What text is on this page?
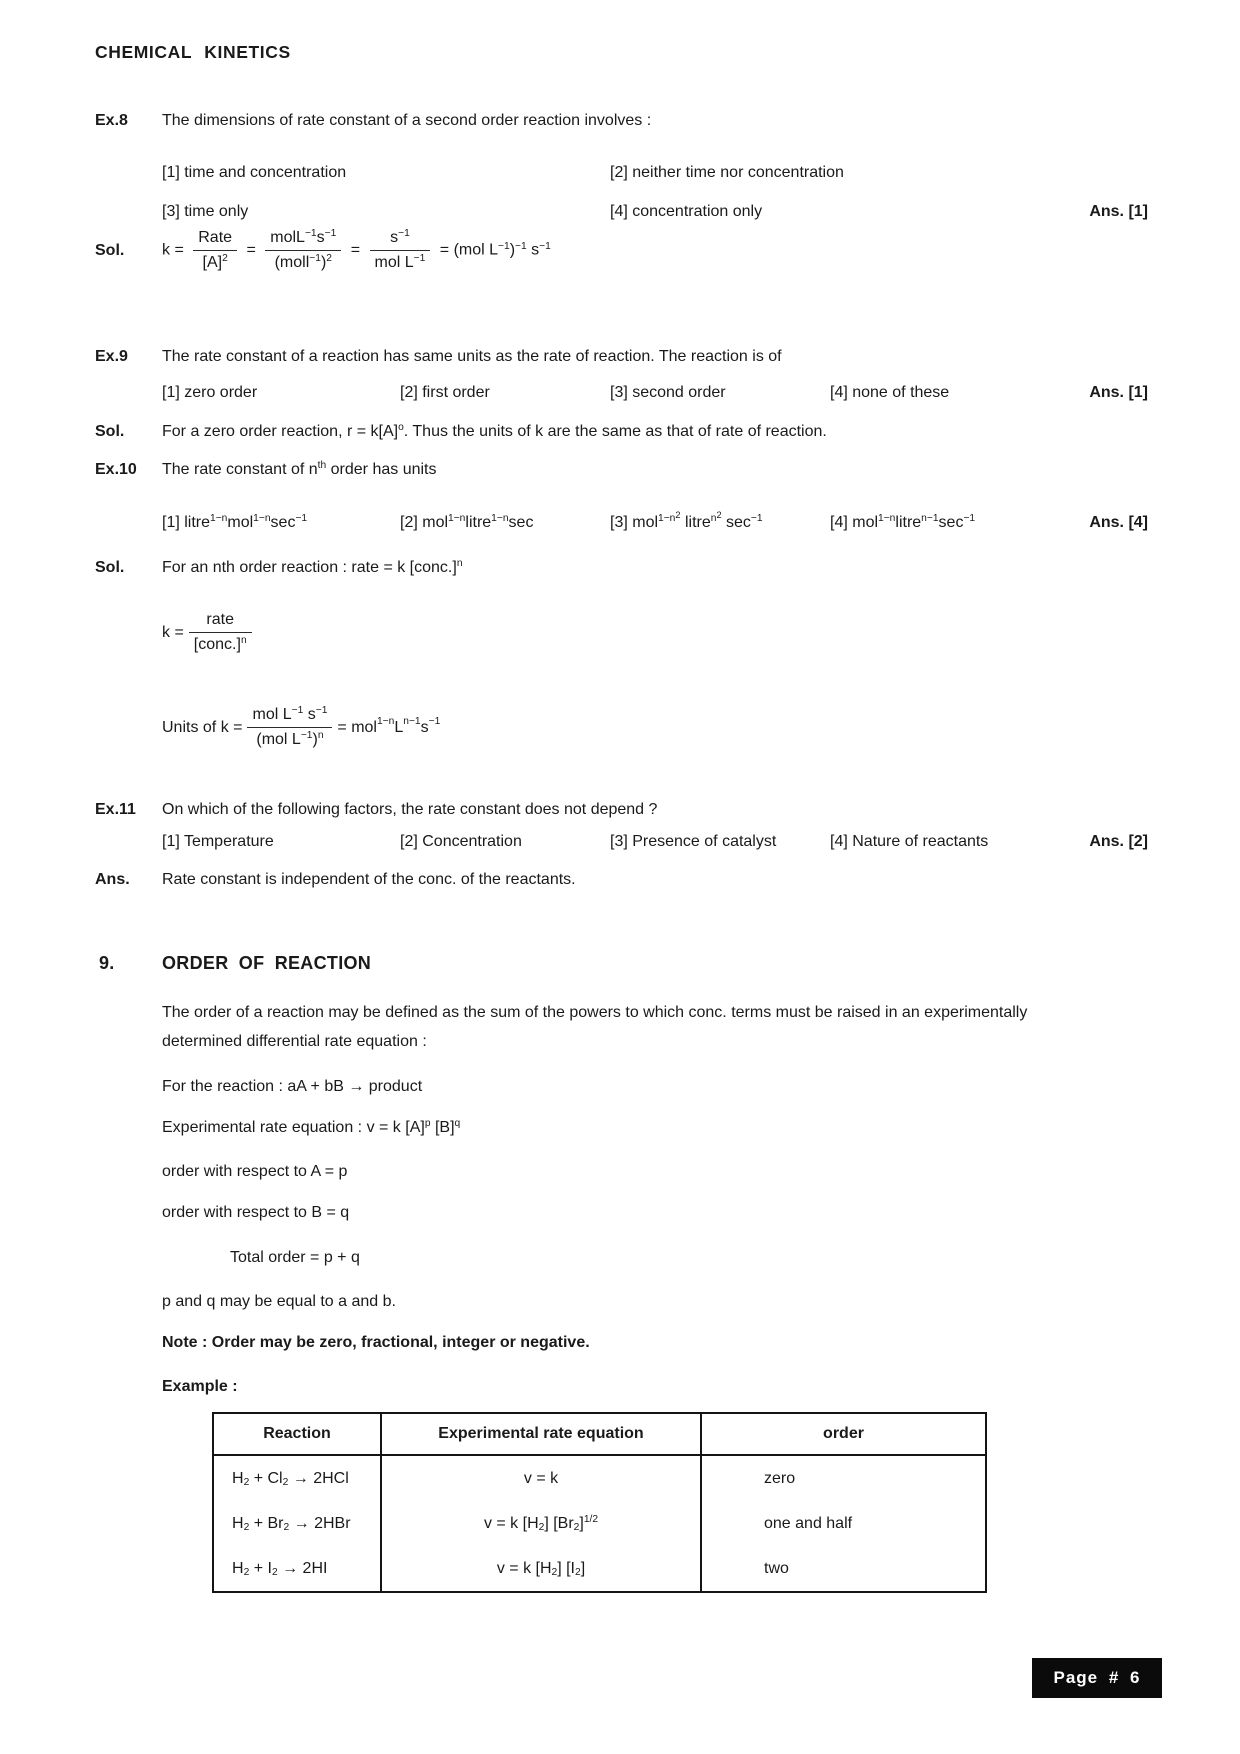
CHEMICAL KINETICS
Ex.8 The dimensions of rate constant of a second order reaction involves :
[1] time and concentration	[2] neither time nor concentration
[3] time only	[4] concentration only	Ans. [1]
Sol.	$k = \frac{\text{Rate}}{[A]^2} = \frac{molL^{-1}s^{-1}}{(moll^{-1})^2} = \frac{s^{-1}}{mol L^{-1}} = (mol$ $L^{-1})^{-1}$ $s^{-1}$
Ex.9 The rate constant of a reaction has same units as the rate of reaction. The reaction is of
[1] zero order	[2] first order	[3] second order	[4] none of these	Ans. [1]
Sol. For a zero order reaction, $r = k[A]^o$. Thus the units of k are the same as that of rate of reaction.
Ex.10 The rate constant of $n^{th}$ order has units
[1] $litre^{1-n}mol^{1-n}\sec^{-1}$	[2] mol$^{1-n}$litre$^{1-n}$sec	[3] mol$^{1-n^2}$ litre$^{n^2}$ $\sec^{-1}$	[4] $mol^{1-n}litre^{n-1}\sec^{-1}$	Ans. [4]
Sol. For an nth order reaction : rate = k [conc.]$^n$
$k = \frac{\text{rate}}{[conc.]^n}$
Units of $k = \frac{mol L^{-1} s^{-1}}{(mol L^{-1})^n} = mol^{1-n}$ $L^{n-1}$ $s^{-1}$
Ex.11 On which of the following factors, the rate constant does not depend ?
[1] Temperature	[2] Concentration	[3] Presence of catalyst	[4] Nature of reactants	Ans. [2]
Ans. Rate constant is independent of the conc. of the reactants.
9.	ORDER OF REACTION
The order of a reaction may be defined as the sum of the powers to which conc. terms must be raised in an experimentally determined differential rate equation :
For the reaction : aA + bB → product
Experimental rate equation : v = k $[A]^p$ $[B]^q$
order with respect to A = p
order with respect to B = q
Total order = p + q
p and q may be equal to a and b.
Note : Order may be zero, fractional, integer or negative.
Example :
Reaction	Experimental rate equation	order
$H_2 + Cl_2 \to 2HCl$	v = k	zero
$H_2 + Br_2 \to 2HBr$	v = k $[H_2]$ $[Br_2]^{1/2}$	one and half
$H_2 + I_2 \to 2HI$	v = k $[H_2]$ $[I_2]$	two
Page # 6
